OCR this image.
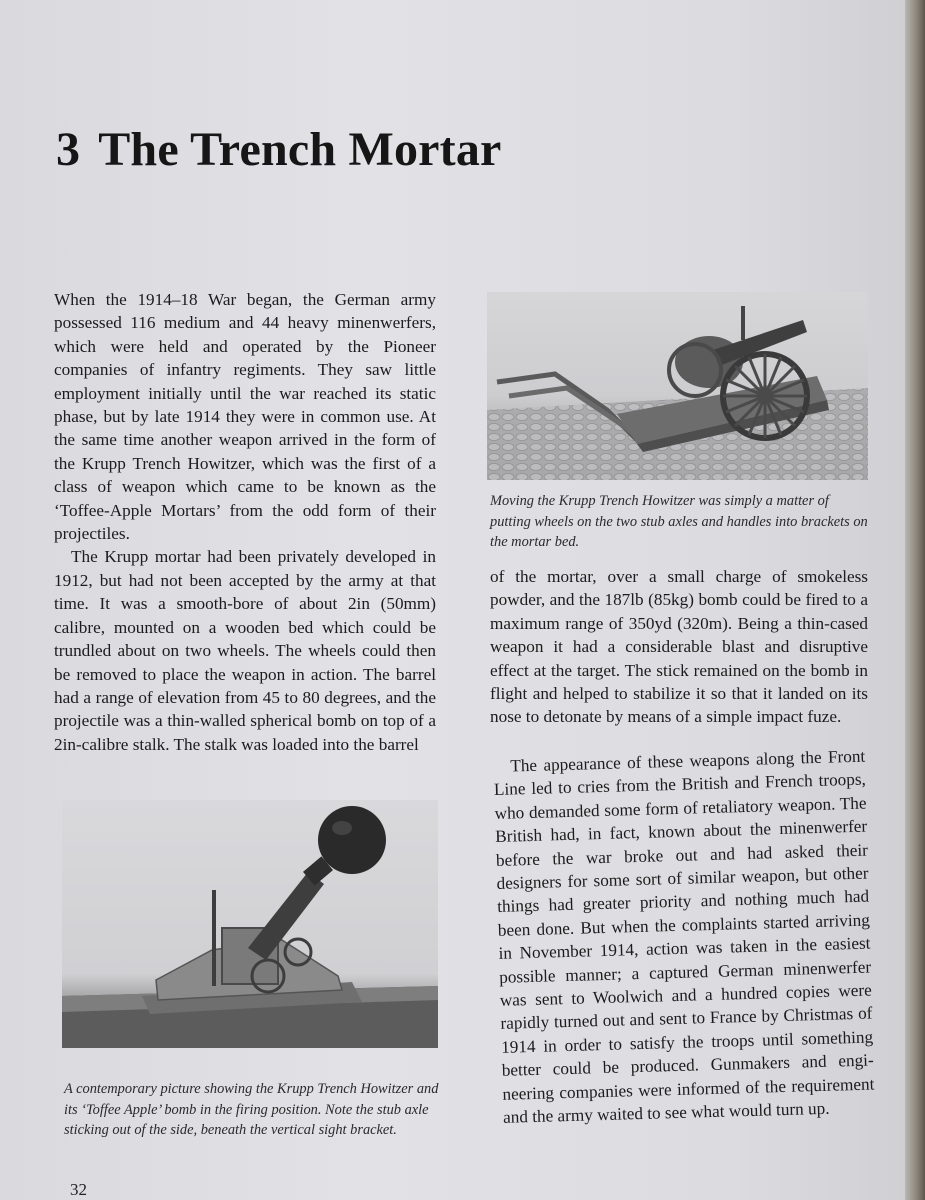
3 The Trench Mortar

When the 1914–18 War began, the German army possessed 116 medium and 44 heavy minenwerfers, which were held and operated by the Pioneer companies of infantry regiments. They saw little employment initially until the war reached its static phase, but by late 1914 they were in common use. At the same time another weapon arrived in the form of the Krupp Trench Howitzer, which was the first of a class of weapon which came to be known as the ‘Toffee-Apple Mortars’ from the odd form of their projectiles.

The Krupp mortar had been privately developed in 1912, but had not been accepted by the army at that time. It was a smooth-bore of about 2in (50mm) calibre, mounted on a wooden bed which could be trundled about on two wheels. The wheels could then be removed to place the weapon in action. The barrel had a range of elevation from 45 to 80 degrees, and the projectile was a thin-walled spherical bomb on top of a 2in-calibre stalk. The stalk was loaded into the barrel

Moving the Krupp Trench Howitzer was simply a matter of putting wheels on the two stub axles and handles into brackets on the mortar bed.

of the mortar, over a small charge of smokeless powder, and the 187lb (85kg) bomb could be fired to a maximum range of 350yd (320m). Being a thin-cased weapon it had a considerable blast and disruptive effect at the target. The stick remained on the bomb in flight and helped to stabilize it so that it landed on its nose to detonate by means of a simple impact fuze.

The appearance of these weapons along the Front Line led to cries from the British and French troops, who demanded some form of retaliatory weapon. The British had, in fact, known about the minenwerfer before the war broke out and had asked their designers for some sort of similar weapon, but other things had greater priority and nothing much had been done. But when the complaints started arriving in November 1914, action was taken in the easiest possible manner; a captured German minenwerfer was sent to Woolwich and a hundred copies were rapidly turned out and sent to France by Christmas of 1914 in order to satisfy the troops until something better could be produced. Gunmakers and engineering companies were informed of the requirement and the army waited to see what would turn up.

A contemporary picture showing the Krupp Trench Howitzer and its ‘Toffee Apple’ bomb in the firing position. Note the stub axle sticking out of the side, beneath the vertical sight bracket.

32
